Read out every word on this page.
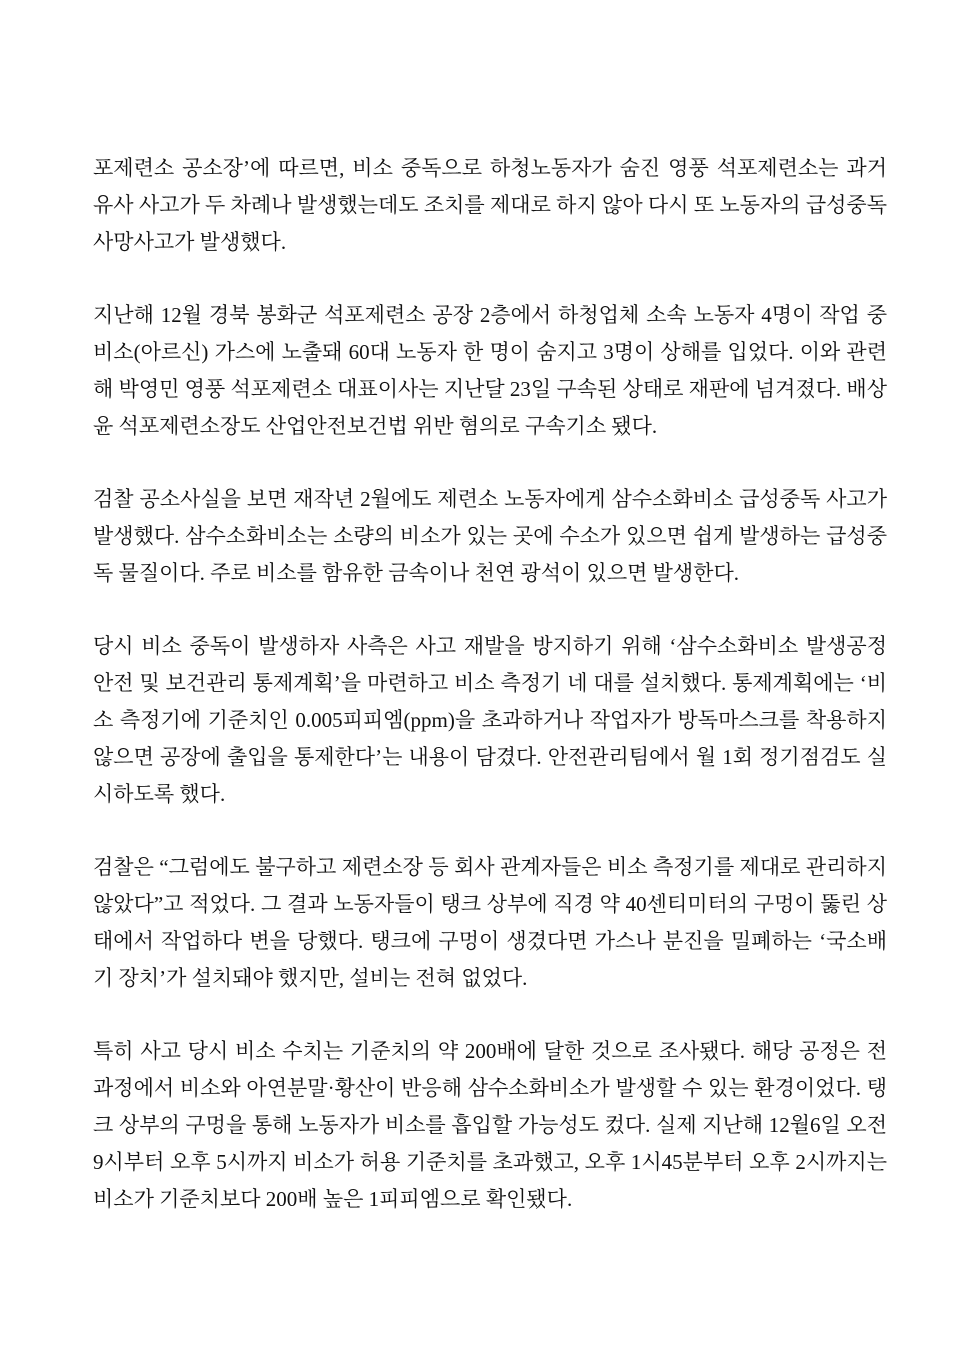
포제련소 공소장’에 따르면, 비소 중독으로 하청노동자가 숨진 영풍 석포제련소는 과거 유사 사고가 두 차례나 발생했는데도 조치를 제대로 하지 않아 다시 또 노동자의 급성중독 사망사고가 발생했다.

지난해 12월 경북 봉화군 석포제련소 공장 2층에서 하청업체 소속 노동자 4명이 작업 중 비소(아르신) 가스에 노출돼 60대 노동자 한 명이 숨지고 3명이 상해를 입었다. 이와 관련해 박영민 영풍 석포제련소 대표이사는 지난달 23일 구속된 상태로 재판에 넘겨졌다. 배상윤 석포제련소장도 산업안전보건법 위반 혐의로 구속기소 됐다.

검찰 공소사실을 보면 재작년 2월에도 제련소 노동자에게 삼수소화비소 급성중독 사고가 발생했다. 삼수소화비소는 소량의 비소가 있는 곳에 수소가 있으면 쉽게 발생하는 급성중독 물질이다. 주로 비소를 함유한 금속이나 천연 광석이 있으면 발생한다.

당시 비소 중독이 발생하자 사측은 사고 재발을 방지하기 위해 ‘삼수소화비소 발생공정 안전 및 보건관리 통제계획’을 마련하고 비소 측정기 네 대를 설치했다. 통제계획에는 ‘비소 측정기에 기준치인 0.005피피엠(ppm)을 초과하거나 작업자가 방독마스크를 착용하지 않으면 공장에 출입을 통제한다’는 내용이 담겼다. 안전관리팀에서 월 1회 정기점검도 실시하도록 했다.

검찰은 “그럼에도 불구하고 제련소장 등 회사 관계자들은 비소 측정기를 제대로 관리하지 않았다”고 적었다. 그 결과 노동자들이 탱크 상부에 직경 약 40센티미터의 구멍이 뚫린 상태에서 작업하다 변을 당했다. 탱크에 구멍이 생겼다면 가스나 분진을 밀폐하는 ‘국소배기 장치’가 설치돼야 했지만, 설비는 전혀 없었다.

특히 사고 당시 비소 수치는 기준치의 약 200배에 달한 것으로 조사됐다. 해당 공정은 전 과정에서 비소와 아연분말·황산이 반응해 삼수소화비소가 발생할 수 있는 환경이었다. 탱크 상부의 구멍을 통해 노동자가 비소를 흡입할 가능성도 컸다. 실제 지난해 12월6일 오전 9시부터 오후 5시까지 비소가 허용 기준치를 초과했고, 오후 1시45분부터 오후 2시까지는 비소가 기준치보다 200배 높은 1피피엠으로 확인됐다.
